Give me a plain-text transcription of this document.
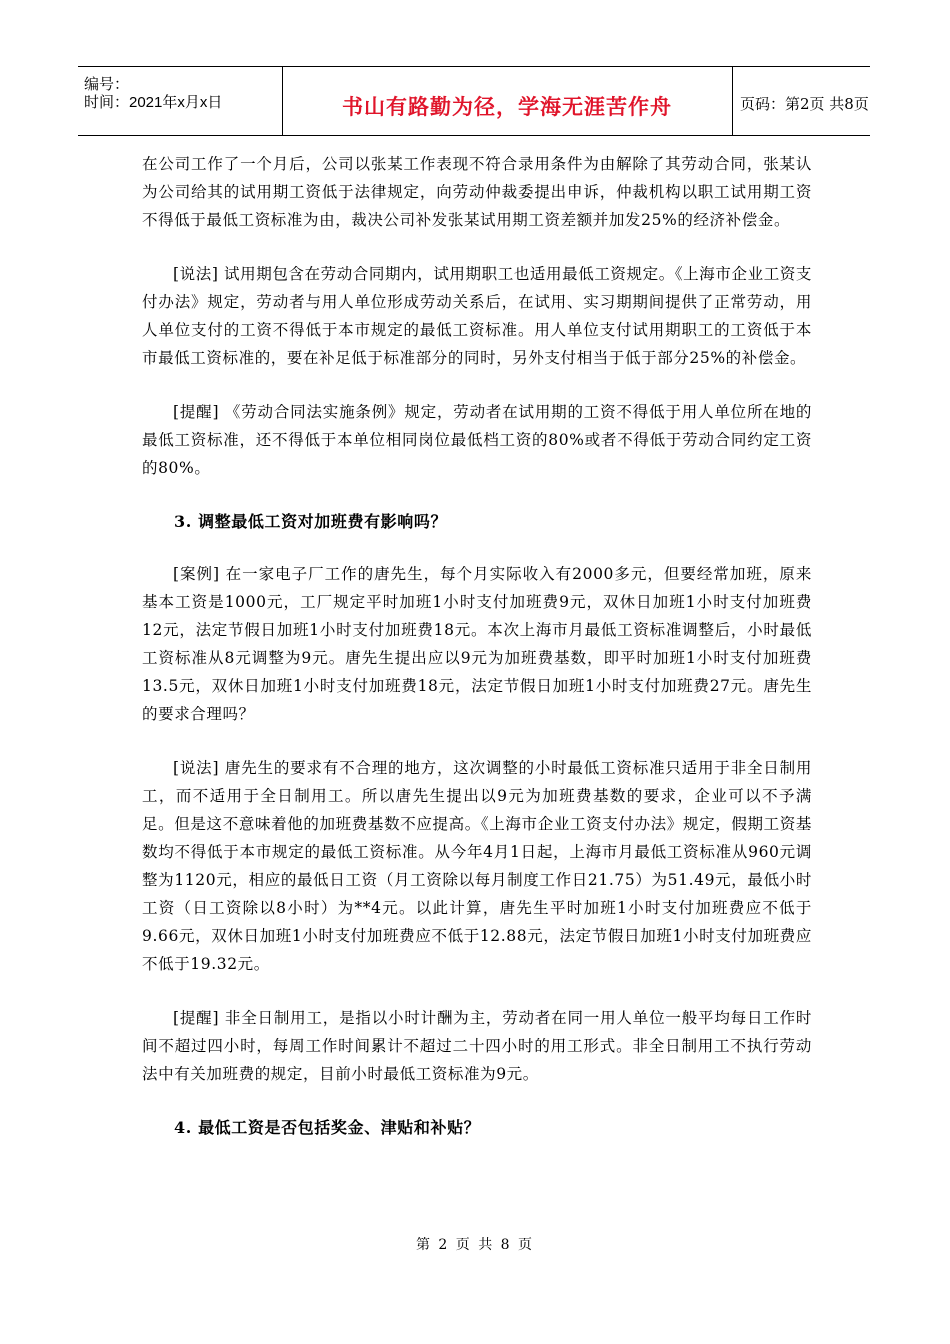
编号：
时间：2021年x月x日	书山有路勤为径，学海无涯苦作舟	页码：第2页 共8页

在公司工作了一个月后，公司以张某工作表现不符合录用条件为由解除了其劳动合同，张某认为公司给其的试用期工资低于法律规定，向劳动仲裁委提出申诉，仲裁机构以职工试用期工资不得低于最低工资标准为由，裁决公司补发张某试用期工资差额并加发25%的经济补偿金。

[说法] 试用期包含在劳动合同期内，试用期职工也适用最低工资规定。《上海市企业工资支付办法》规定，劳动者与用人单位形成劳动关系后，在试用、实习期期间提供了正常劳动，用人单位支付的工资不得低于本市规定的最低工资标准。用人单位支付试用期职工的工资低于本市最低工资标准的，要在补足低于标准部分的同时，另外支付相当于低于部分25%的补偿金。

[提醒] 《劳动合同法实施条例》规定，劳动者在试用期的工资不得低于用人单位所在地的最低工资标准，还不得低于本单位相同岗位最低档工资的80%或者不得低于劳动合同约定工资的80%。

3. 调整最低工资对加班费有影响吗？

[案例] 在一家电子厂工作的唐先生，每个月实际收入有2000多元，但要经常加班，原来基本工资是1000元，工厂规定平时加班1小时支付加班费9元，双休日加班1小时支付加班费12元，法定节假日加班1小时支付加班费18元。本次上海市月最低工资标准调整后，小时最低工资标准从8元调整为9元。唐先生提出应以9元为加班费基数，即平时加班1小时支付加班费13.5元，双休日加班1小时支付加班费18元，法定节假日加班1小时支付加班费27元。唐先生的要求合理吗？

[说法] 唐先生的要求有不合理的地方，这次调整的小时最低工资标准只适用于非全日制用工，而不适用于全日制用工。所以唐先生提出以9元为加班费基数的要求，企业可以不予满足。但是这不意味着他的加班费基数不应提高。《上海市企业工资支付办法》规定，假期工资基数均不得低于本市规定的最低工资标准。从今年4月1日起，上海市月最低工资标准从960元调整为1120元，相应的最低日工资（月工资除以每月制度工作日21.75）为51.49元，最低小时工资（日工资除以8小时）为**4元。以此计算，唐先生平时加班1小时支付加班费应不低于9.66元，双休日加班1小时支付加班费应不低于12.88元，法定节假日加班1小时支付加班费应不低于19.32元。

[提醒] 非全日制用工，是指以小时计酬为主，劳动者在同一用人单位一般平均每日工作时间不超过四小时，每周工作时间累计不超过二十四小时的用工形式。非全日制用工不执行劳动法中有关加班费的规定，目前小时最低工资标准为9元。

4. 最低工资是否包括奖金、津贴和补贴？
第 2 页 共 8 页
